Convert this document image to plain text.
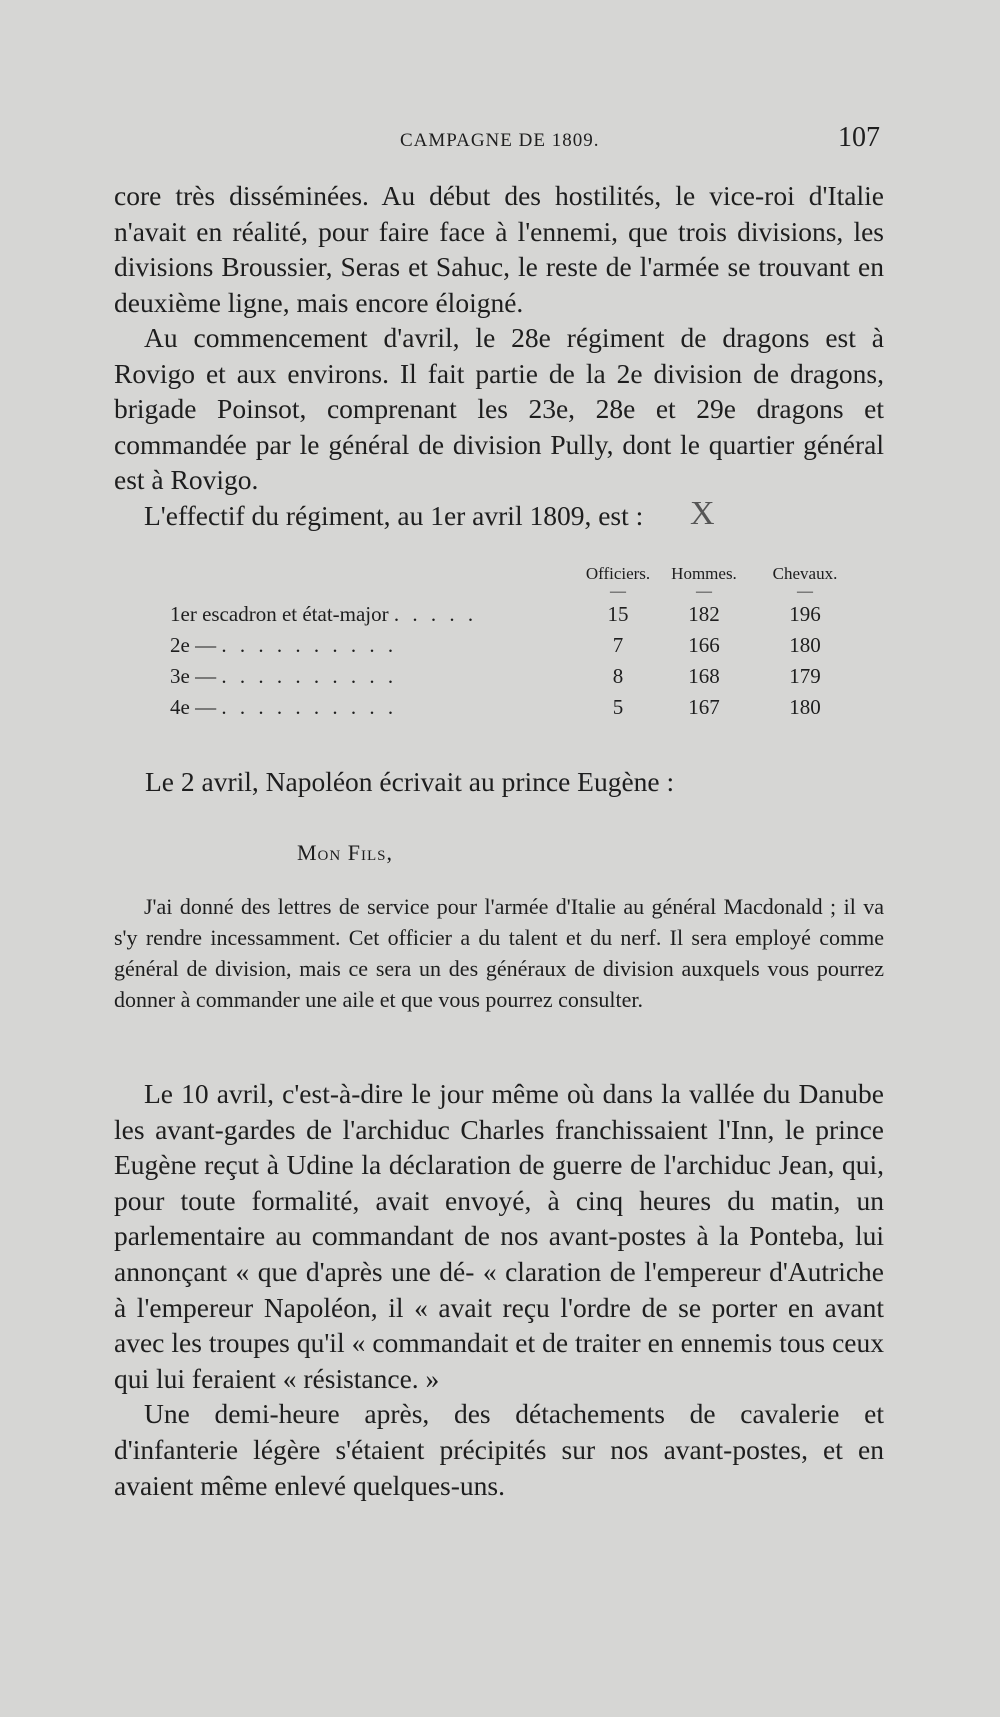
CAMPAGNE DE 1809.	107

core très disséminées. Au début des hostilités, le vice-roi d'Italie n'avait en réalité, pour faire face à l'ennemi, que trois divisions, les divisions Broussier, Seras et Sahuc, le reste de l'armée se trouvant en deuxième ligne, mais encore éloigné.

Au commencement d'avril, le 28e régiment de dragons est à Rovigo et aux environs. Il fait partie de la 2e division de dragons, brigade Poinsot, comprenant les 23e, 28e et 29e dragons et commandée par le général de division Pully, dont le quartier général est à Rovigo.

L'effectif du régiment, au 1er avril 1809, est :	X
Officiers.	Hommes.	Chevaux.
—	—	—
1er escadron et état-major . . . . .	15	182	196
2e — . . . . . . . . . .	7	166	180
3e — . . . . . . . . . .	8	168	179
4e — . . . . . . . . . .	5	167	180
Le 2 avril, Napoléon écrivait au prince Eugène :
Mon Fils,

J'ai donné des lettres de service pour l'armée d'Italie au général Macdonald ; il va s'y rendre incessamment. Cet officier a du talent et du nerf. Il sera employé comme général de division, mais ce sera un des généraux de division auxquels vous pourrez donner à commander une aile et que vous pourrez consulter.

Le 10 avril, c'est-à-dire le jour même où dans la vallée du Danube les avant-gardes de l'archiduc Charles franchissaient l'Inn, le prince Eugène reçut à Udine la déclaration de guerre de l'archiduc Jean, qui, pour toute formalité, avait envoyé, à cinq heures du matin, un parlementaire au commandant de nos avant-postes à la Ponteba, lui annonçant « que d'après une dé- « claration de l'empereur d'Autriche à l'empereur Napoléon, il « avait reçu l'ordre de se porter en avant avec les troupes qu'il « commandait et de traiter en ennemis tous ceux qui lui feraient « résistance. »

Une demi-heure après, des détachements de cavalerie et d'infanterie légère s'étaient précipités sur nos avant-postes, et en avaient même enlevé quelques-uns.
